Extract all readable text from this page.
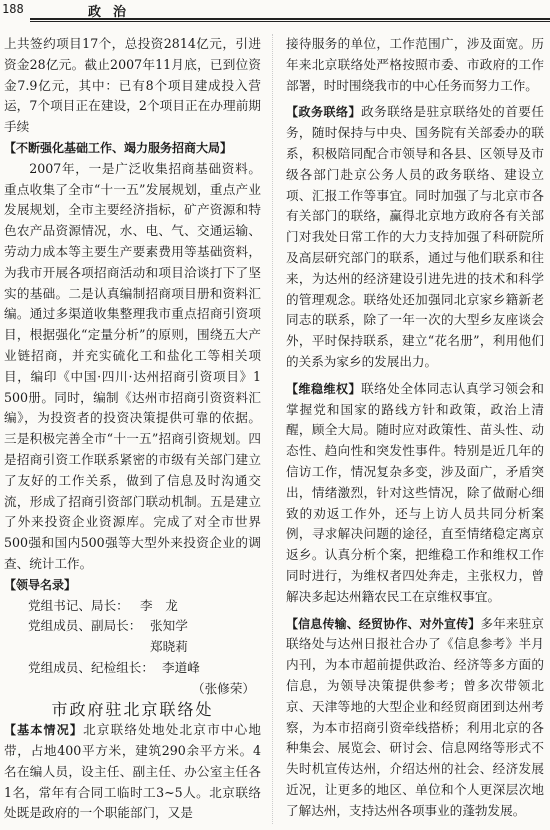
188	政治

上共签约项目17个，总投资2814亿元，引进资金28亿元。截止2007年11月底，已到位资金7.9亿元，其中：已有8个项目建成投入营运，7个项目正在建设，2个项目正在办理前期手续

【不断强化基础工作、竭力服务招商大局】

2007年，一是广泛收集招商基础资料。重点收集了全市“十一五”发展规划，重点产业发展规划，全市主要经济指标，矿产资源和特色农产品资源情况，水、电、气、交通运输、劳动力成本等主要生产要素费用等基础资料，为我市开展各项招商活动和项目洽谈打下了坚实的基础。二是认真编制招商项目册和资料汇编。通过多渠道收集整理我市重点招商引资项目，根据强化“定量分析”的原则，围绕五大产业链招商，并充实硫化工和盐化工等相关项目，编印《中国·四川·达州招商引资项目》1 500册。同时，编制《达州市招商引资资料汇编》，为投资者的投资决策提供可靠的依据。三是积极完善全市“十一五”招商引资规划。四是招商引资工作联系紧密的市级有关部门建立了友好的工作关系，做到了信息及时沟通交流，形成了招商引资部门联动机制。五是建立了外来投资企业资源库。完成了对全市世界500强和国内500强等大型外来投资企业的调查、统计工作。

【领导名录】

党组书记、局长： 李　龙
党组成员、副局长： 张知学
郑晓莉
党组成员、纪检组长： 李道峰

（张修荣）

市政府驻北京联络处

【基本情况】北京联络处地处北京市中心地带，占地400平方米，建筑290余平方米。4名在编人员，设主任、副主任、办公室主任各1名，常年有合同工临时工3~5人。北京联络处既是政府的一个职能部门，又是

接待服务的单位，工作范围广，涉及面宽。历年来北京联络处严格按照市委、市政府的工作部署，时时围绕我市的中心任务而努力工作。

【政务联络】政务联络是驻京联络处的首要任务，随时保持与中央、国务院有关部委办的联系，积极陪同配合市领导和各县、区领导及市级各部门赴京公务人员的政务联络、建设立项、汇报工作等事宜。同时加强了与北京市各有关部门的联络，赢得北京地方政府各有关部门对我处日常工作的大力支持加强了科研院所及高层研究部门的联系，通过与他们联系和往来，为达州的经济建设引进先进的技术和科学的管理观念。联络处还加强同北京家乡籍新老同志的联系，除了一年一次的大型乡友座谈会外，平时保持联系，建立“花名册”，利用他们的关系为家乡的发展出力。

【维稳维权】联络处全体同志认真学习领会和掌握党和国家的路线方针和政策，政治上清醒，顾全大局。随时应对政策性、苗头性、动态性、趋向性和突发性事件。特别是近几年的信访工作，情况复杂多变，涉及面广，矛盾突出，情绪激烈，针对这些情况，除了做耐心细致的劝返工作外，还与上访人员共同分析案例，寻求解决问题的途径，直至情绪稳定离京返乡。认真分析个案，把维稳工作和维权工作同时进行，为维权者四处奔走，主张权力，曾解决多起达州籍农民工在京维权事宜。

【信息传输、经贸协作、对外宣传】多年来驻京联络处与达州日报社合办了《信息参考》半月内刊，为本市超前提供政治、经济等多方面的信息，为领导决策提供参考；曾多次带领北京、天津等地的大型企业和经贸商团到达州考察，为本市招商引资牵线搭桥；利用北京的各种集会、展览会、研讨会、信息网络等形式不失时机宣传达州，介绍达州的社会、经济发展近况，让更多的地区、单位和个人更深层次地了解达州，支持达州各项事业的蓬勃发展。
